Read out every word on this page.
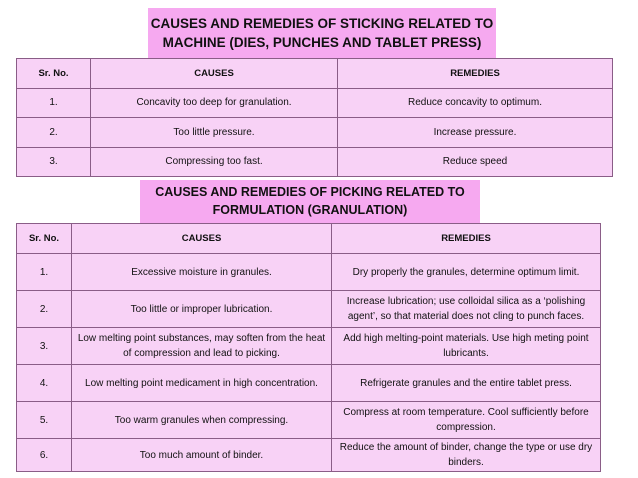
CAUSES AND REMEDIES OF STICKING RELATED TO
MACHINE (DIES, PUNCHES AND TABLET PRESS)
Sr. No.	CAUSES	REMEDIES
1.	Concavity too deep for granulation.	Reduce concavity to optimum.
2.	Too little pressure.	Increase pressure.
3.	Compressing too fast.	Reduce speed
CAUSES AND REMEDIES OF PICKING RELATED TO
FORMULATION (GRANULATION)
Sr. No.	CAUSES	REMEDIES
1.	Excessive moisture in granules.	Dry properly the granules, determine optimum limit.
2.	Too little or improper lubrication.	Increase lubrication; use colloidal silica as a ‘polishing agent’, so that material does not cling to punch faces.
3.	Low melting point substances, may soften from the heat of compression and lead to picking.	Add high melting-point materials. Use high meting point lubricants.
4.	Low melting point medicament in high concentration.	Refrigerate granules and the entire tablet press.
5.	Too warm granules when compressing.	Compress at room temperature. Cool sufficiently before compression.
6.	Too much amount of binder.	Reduce the amount of binder, change the type or use dry binders.
